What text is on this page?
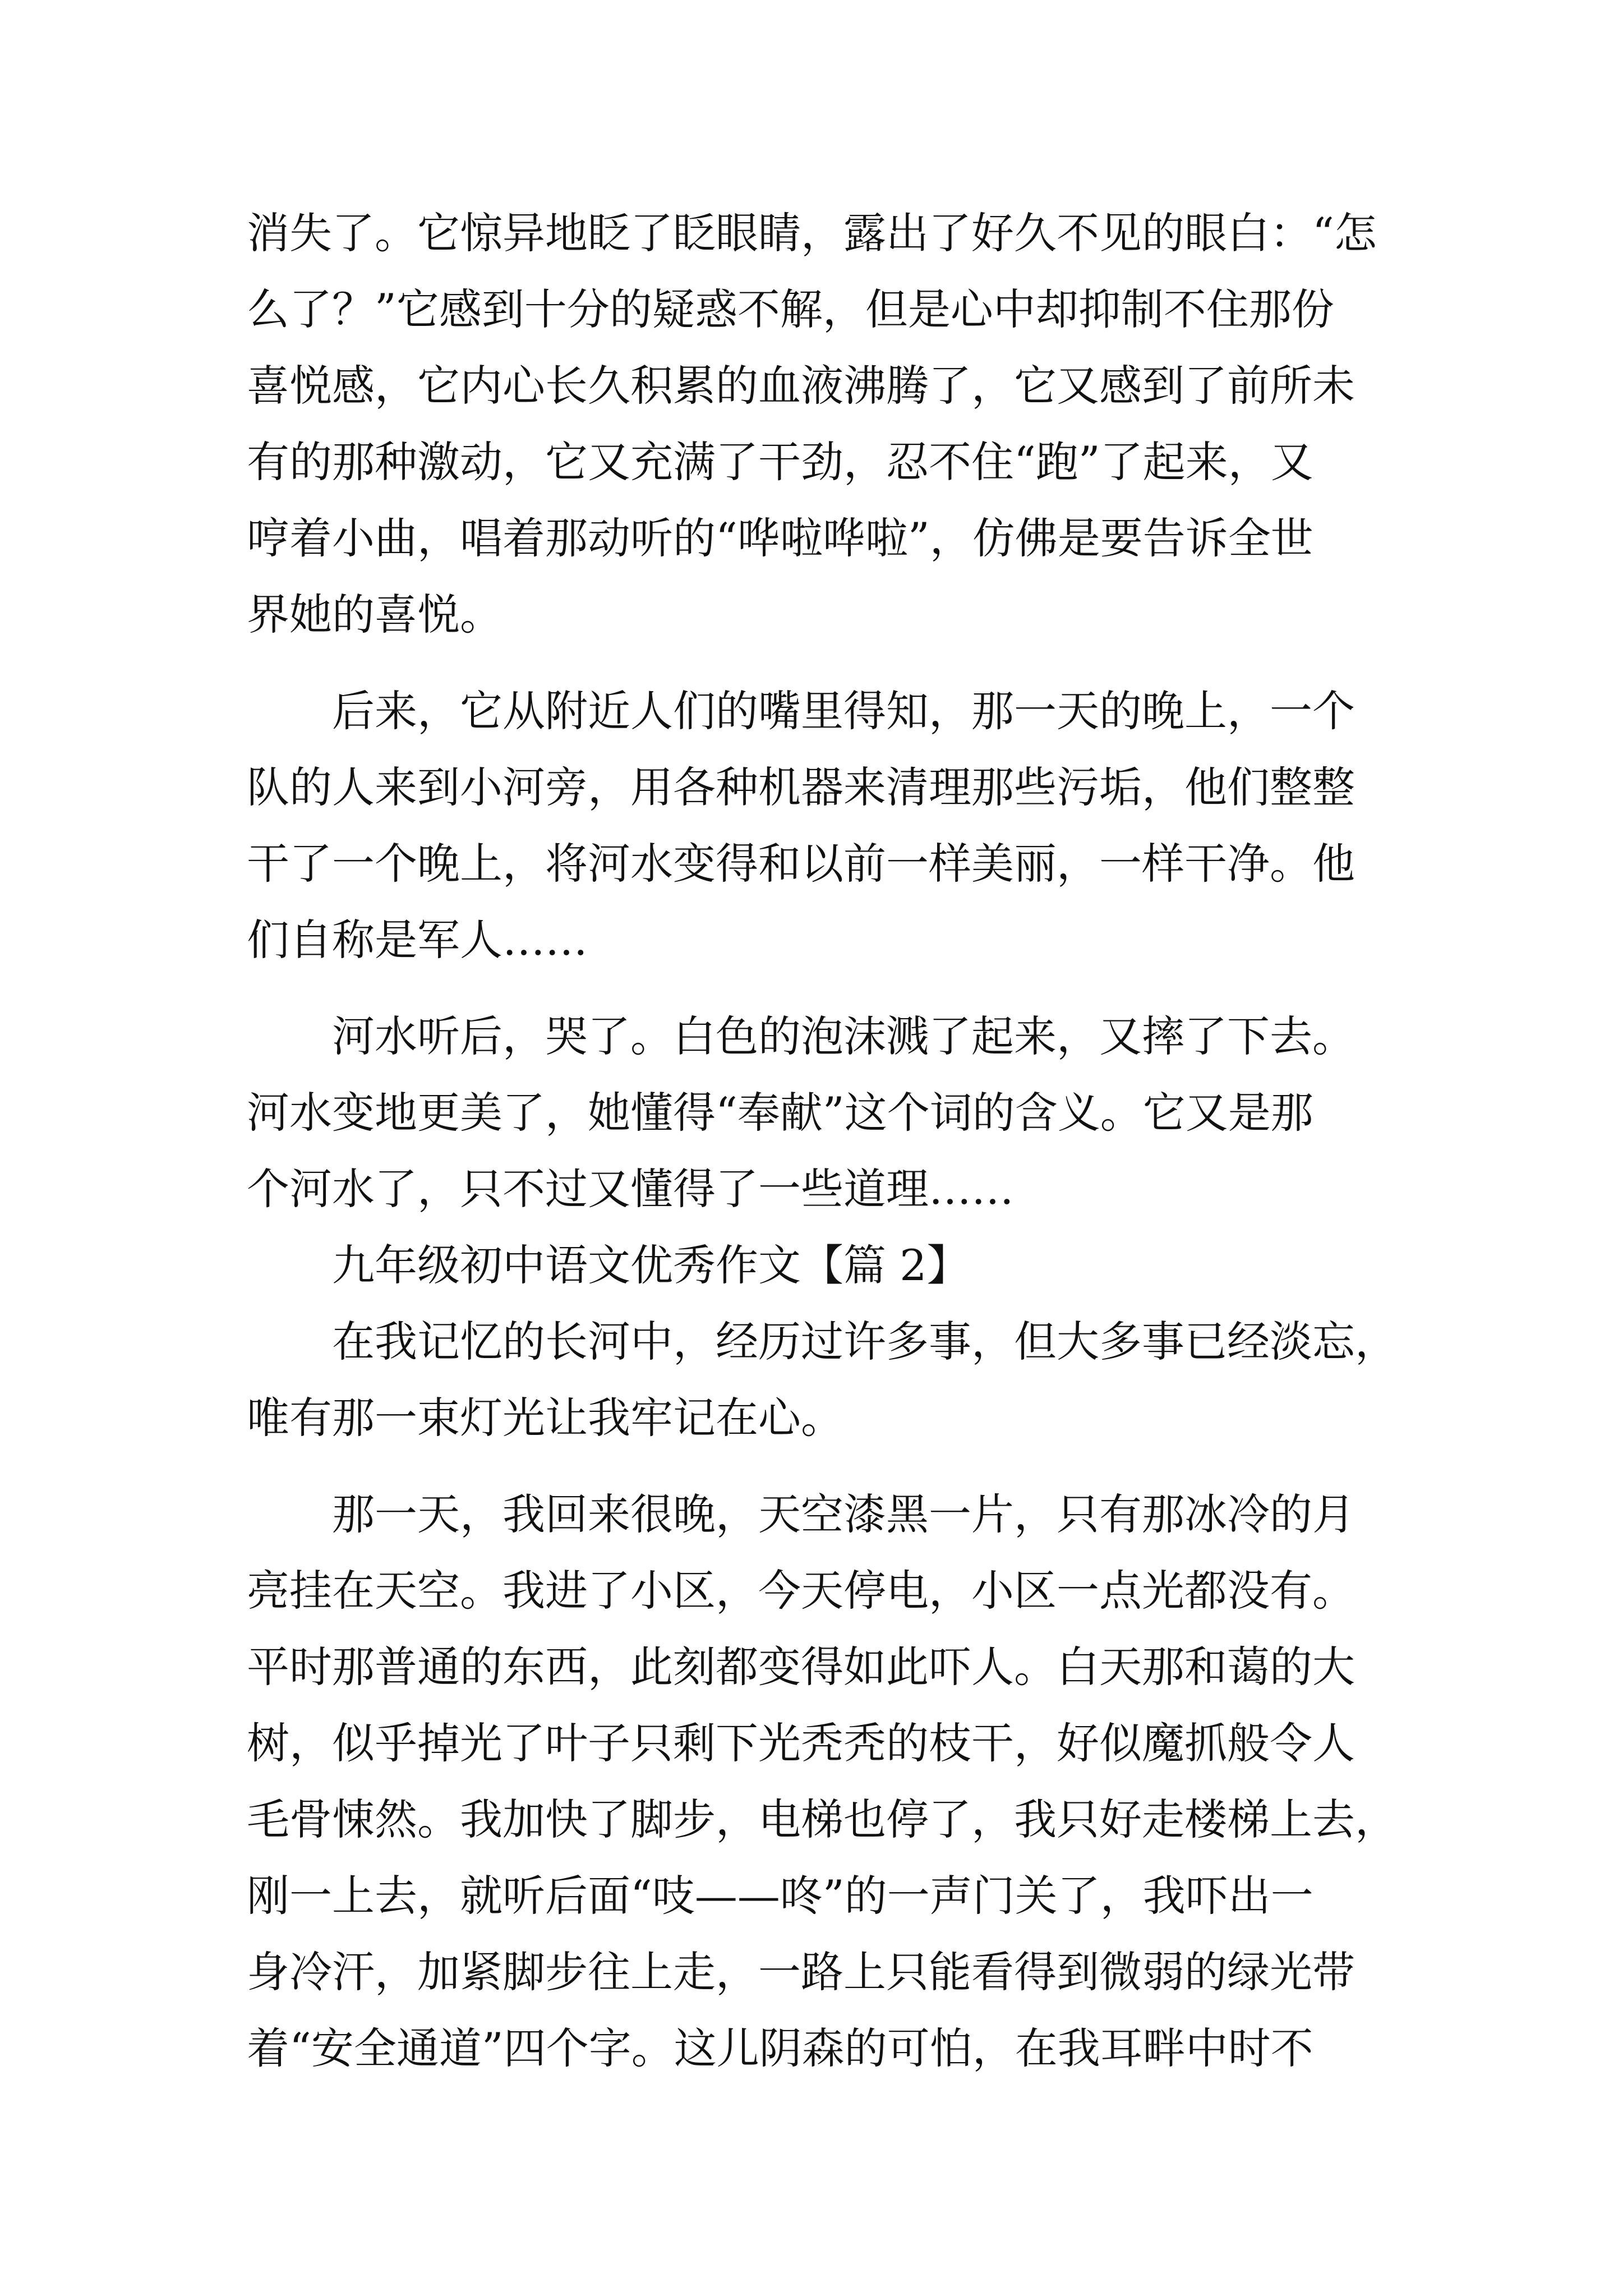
消失了。它惊异地眨了眨眼睛，露出了好久不见的眼白：“怎
么了？”它感到十分的疑惑不解，但是心中却抑制不住那份
喜悦感，它内心长久积累的血液沸腾了，它又感到了前所未
有的那种激动，它又充满了干劲，忍不住“跑”了起来，又
哼着小曲，唱着那动听的“哗啦哗啦”，仿佛是要告诉全世
界她的喜悦。

后来，它从附近人们的嘴里得知，那一天的晚上，一个
队的人来到小河旁，用各种机器来清理那些污垢，他们整整
干了一个晚上，将河水变得和以前一样美丽，一样干净。他
们自称是军人……

河水听后，哭了。白色的泡沫溅了起来，又摔了下去。
河水变地更美了，她懂得“奉献”这个词的含义。它又是那
个河水了，只不过又懂得了一些道理……

九年级初中语文优秀作文【篇 2】

在我记忆的长河中，经历过许多事，但大多事已经淡忘，
唯有那一束灯光让我牢记在心。

那一天，我回来很晚，天空漆黑一片，只有那冰冷的月
亮挂在天空。我进了小区，今天停电，小区一点光都没有。
平时那普通的东西，此刻都变得如此吓人。白天那和蔼的大
树，似乎掉光了叶子只剩下光秃秃的枝干，好似魔抓般令人
毛骨悚然。我加快了脚步，电梯也停了，我只好走楼梯上去，
刚一上去，就听后面“吱——咚”的一声门关了，我吓出一
身冷汗，加紧脚步往上走，一路上只能看得到微弱的绿光带
着“安全通道”四个字。这儿阴森的可怕，在我耳畔中时不
